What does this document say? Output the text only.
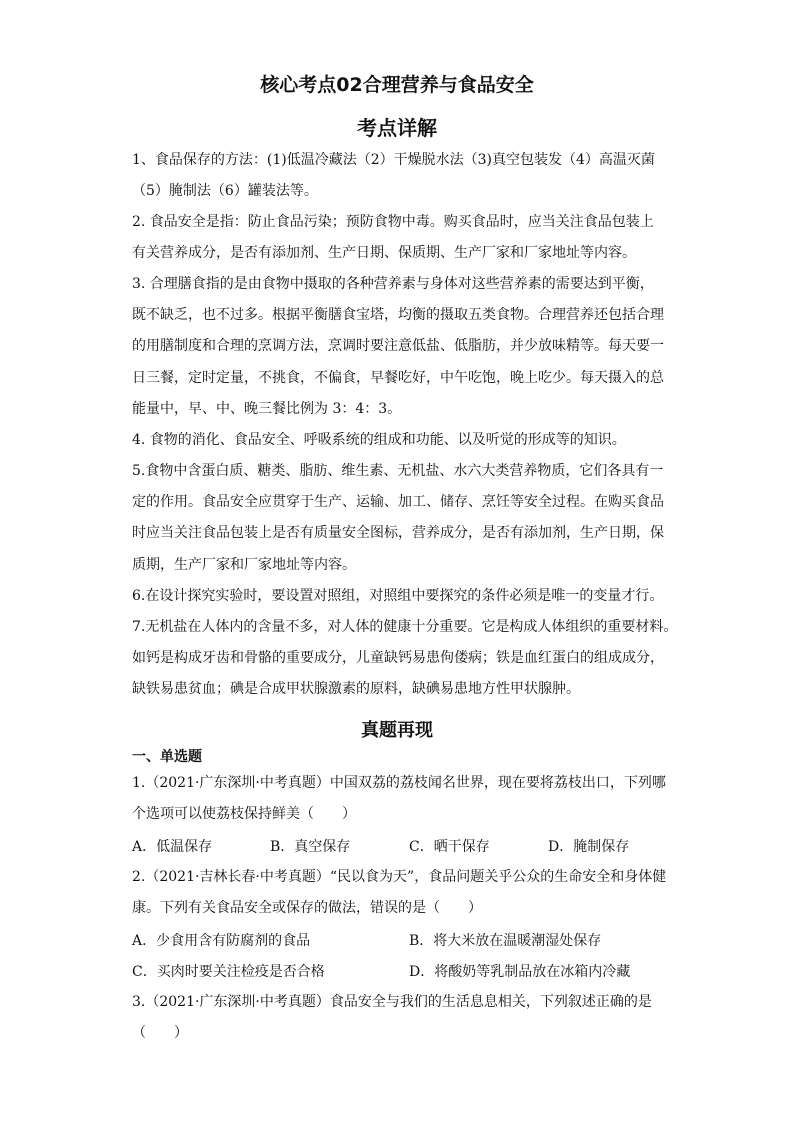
核心考点02合理营养与食品安全
考点详解
1、食品保存的方法：(1)低温冷藏法（2）干燥脱水法（3)真空包装发（4）高温灭菌
（5）腌制法（6）罐装法等。
2. 食品安全是指：防止食品污染；预防食物中毒。购买食品时，应当关注食品包装上
有关营养成分，是否有添加剂、生产日期、保质期、生产厂家和厂家地址等内容。
3. 合理膳食指的是由食物中摄取的各种营养素与身体对这些营养素的需要达到平衡，
既不缺乏，也不过多。根据平衡膳食宝塔，均衡的摄取五类食物。合理营养还包括合理
的用膳制度和合理的烹调方法，烹调时要注意低盐、低脂肪，并少放味精等。每天要一
日三餐，定时定量，不挑食，不偏食，早餐吃好，中午吃饱，晚上吃少。每天摄入的总
能量中，早、中、晚三餐比例为 3：4：3。
4. 食物的消化、食品安全、呼吸系统的组成和功能、以及听觉的形成等的知识。
5.食物中含蛋白质、糖类、脂肪、维生素、无机盐、水六大类营养物质，它们各具有一
定的作用。食品安全应贯穿于生产、运输、加工、储存、烹饪等安全过程。在购买食品
时应当关注食品包装上是否有质量安全图标，营养成分，是否有添加剂，生产日期，保
质期，生产厂家和厂家地址等内容。
6.在设计探究实验时，要设置对照组，对照组中要探究的条件必须是唯一的变量才行。
7.无机盐在人体内的含量不多，对人体的健康十分重要。它是构成人体组织的重要材料。
如钙是构成牙齿和骨骼的重要成分，儿童缺钙易患佝偻病；铁是血红蛋白的组成成分，
缺铁易患贫血；碘是合成甲状腺激素的原料，缺碘易患地方性甲状腺肿。
真题再现
一、单选题
1.（2021·广东深圳·中考真题）中国双荔的荔枝闻名世界，现在要将荔枝出口，下列哪
个选项可以使荔枝保持鲜美（　　）
A．低温保存	B．真空保存	C．晒干保存	D．腌制保存
2.（2021·吉林长春·中考真题）“民以食为天”，食品问题关乎公众的生命安全和身体健
康。下列有关食品安全或保存的做法，错误的是（　　）
A．少食用含有防腐剂的食品	B．将大米放在温暖潮湿处保存
C．买肉时要关注检疫是否合格	D．将酸奶等乳制品放在冰箱内冷藏
3.（2021·广东深圳·中考真题）食品安全与我们的生活息息相关，下列叙述正确的是
（　　）
